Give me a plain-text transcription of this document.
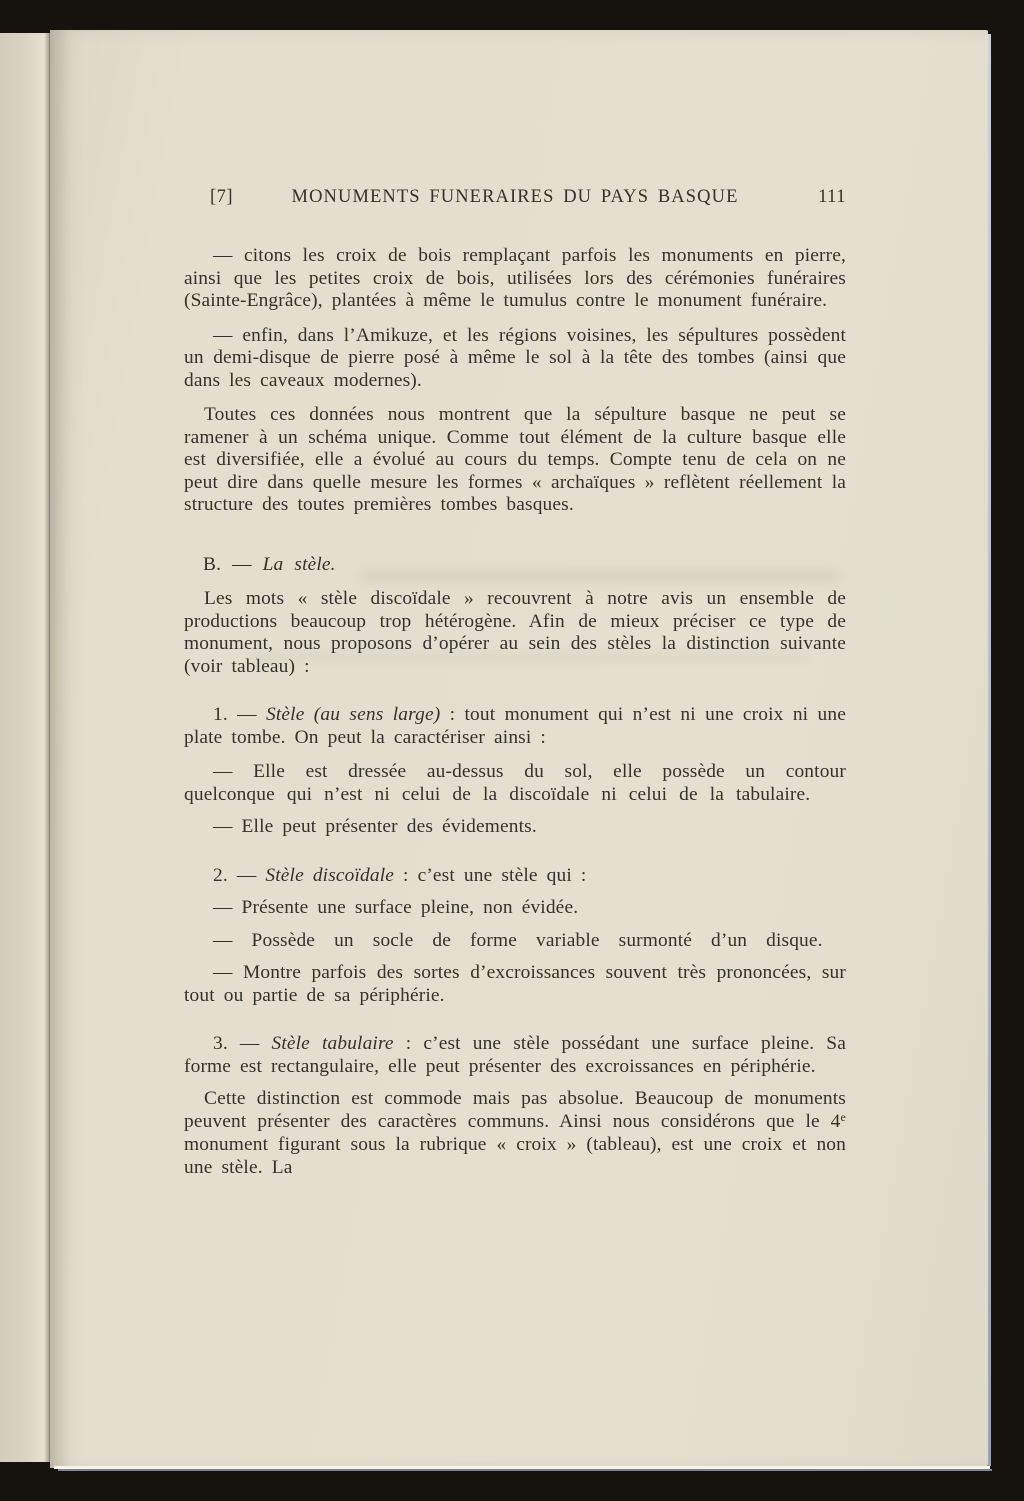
[7]	MONUMENTS FUNERAIRES DU PAYS BASQUE	111

— citons les croix de bois remplaçant parfois les monuments en pierre, ainsi que les petites croix de bois, utilisées lors des cérémonies funéraires (Sainte-Engrâce), plantées à même le tumulus contre le monument funéraire.

— enfin, dans l’Amikuze, et les régions voisines, les sépultures possèdent un demi-disque de pierre posé à même le sol à la tête des tombes (ainsi que dans les caveaux modernes).

Toutes ces données nous montrent que la sépulture basque ne peut se ramener à un schéma unique. Comme tout élément de la culture basque elle est diversifiée, elle a évolué au cours du temps. Compte tenu de cela on ne peut dire dans quelle mesure les formes « archaïques » reflètent réellement la structure des toutes premières tombes basques.

B. — La stèle.

Les mots « stèle discoïdale » recouvrent à notre avis un ensemble de productions beaucoup trop hétérogène. Afin de mieux préciser ce type de monument, nous proposons d’opérer au sein des stèles la distinction suivante (voir tableau) :

1. — Stèle (au sens large) : tout monument qui n’est ni une croix ni une plate tombe. On peut la caractériser ainsi :

— Elle est dressée au-dessus du sol, elle possède un contour quelconque qui n’est ni celui de la discoïdale ni celui de la tabulaire.

— Elle peut présenter des évidements.

2. — Stèle discoïdale : c’est une stèle qui :

— Présente une surface pleine, non évidée.

— Possède un socle de forme variable surmonté d’un disque.

— Montre parfois des sortes d’excroissances souvent très prononcées, sur tout ou partie de sa périphérie.

3. — Stèle tabulaire : c’est une stèle possédant une surface pleine. Sa forme est rectangulaire, elle peut présenter des excroissances en périphérie.

Cette distinction est commode mais pas absolue. Beaucoup de monuments peuvent présenter des caractères communs. Ainsi nous considérons que le 4e monument figurant sous la rubrique « croix » (tableau), est une croix et non une stèle. La
